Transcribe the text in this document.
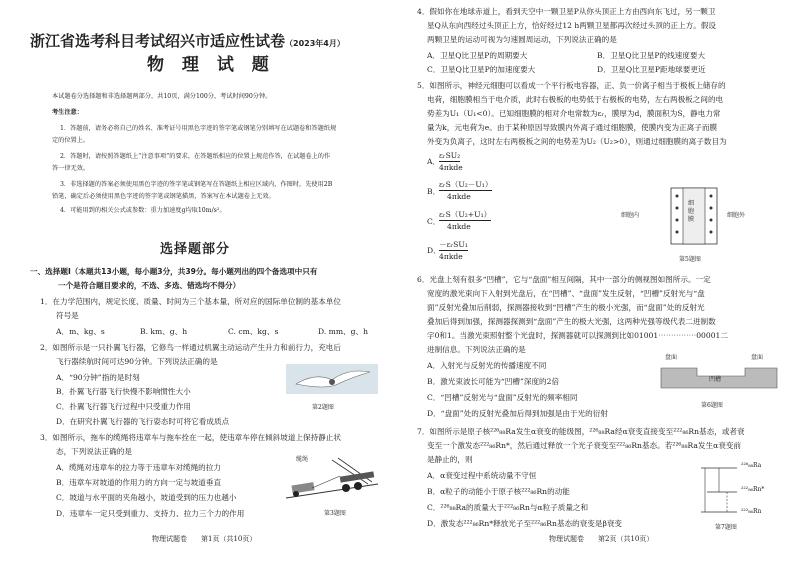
浙江省选考科目考试绍兴市适应性试卷（2023年4月）
物 理 试 题
本试题卷分选择题和非选择题两部分，共10页，满分100分，考试时间90分钟。
考生注意：
1．答题前，请务必将自己的姓名、准考证号用黑色字迹的签字笔或钢笔分别填写在试题卷和答题纸规
定的位置上。
2．答题时，请按照答题纸上“注意事项”的要求，在答题纸相应的位置上规范作答，在试题卷上的作
答一律无效。
3．非选择题的答案必须使用黑色字迹的签字笔或钢笔写在答题纸上相应区域内，作图时，先使用2B
铅笔，确定后必须使用黑色字迹的签字笔或钢笔描黑，答案写在本试题卷上无效。
4．可能用到的相关公式或参数：重力加速度g均取10m/s²。
选择题部分
一、选择题Ⅰ（本题共13小题，每小题3分，共39分。每小题列出的四个备选项中只有
一个是符合题目要求的，不选、多选、错选均不得分）
1．在力学范围内，规定长度、质量、时间为三个基本量，所对应的国际单位制的基本单位
符号是
A．m、kg、s	B. km、g、h	C. cm、kg、s	D. mm、g、h
2．如图所示是一只扑翼飞行器，它修鸟一样通过机翼主动运动产生升力和前行力，充电后
飞行器续航时间可达90分钟。下列说法正确的是
A．“90分钟”指的是时刻
B．扑翼飞行器飞行快慢不影响惯性大小
C．扑翼飞行器飞行过程中只受重力作用
D．在研究扑翼飞行器的飞行姿态时可将它看成质点
第2题图
3．如图所示，拖车的缆绳将违章车与拖车拴在一起，使违章车停在倾斜坡道上保持静止状
态，下列说法正确的是
A．缆绳对违章车的拉力等于违章车对缆绳的拉力
B．违章车对坡道的作用力的方向一定与坡道垂直
C．坡道与水平面的夹角越小，坡道受到的压力也越小
D．违章车一定只受到重力、支持力、拉力三个力的作用
缆绳
第3题图
物理试题卷　　第1页（共10页）
4．假如你在地球赤道上，看到天空中一颗卫星P从你头顶正上方由西向东飞过，另一颗卫
星Q从东向西经过头顶正上方，恰好经过12 h两颗卫星都再次经过头顶的正上方。假设
两颗卫星的运动可视为匀速圆周运动，下列说法正确的是
A．卫星Q比卫星P的周期要大	B．卫星Q比卫星P的线速度要大
C．卫星Q比卫星P的加速度要大	D．卫星Q比卫星P距地球要更近
5．如图所示，神经元细胞可以看成一个平行板电容器，正、负一价离子相当于极板上储存的
电荷，细胞膜相当于电介质，此时右极板的电势低于右极板的电势，左右两极板之间的电
势差为U₁（U₁<0）。已知细胞膜的相对介电常数为εᵣ，膜厚为d，膜面积为S，静电力常
量为k，元电荷为e。由于某种原因导致膜内外离子通过细胞膜，使膜内变为正离子而膜
外变为负离子，这时左右两极板之间的电势差为U₂（U₂>0），则通过细胞膜的离子数目为
A．
εᵣSU₂
4πkde
B．
εᵣS（U₂－U₁）
4πkde
C．
εᵣS（U₂+U₁）
4πkde
D．
－εᵣSU₁
4πkde
细胞内
细胞膜
细胞外
第5题图
6．光盘上刻有很多“凹槽”，它与“盘面”相互间隔，其中一部分的侧视图如图所示。一定
宽度的激光束向下入射到光盘后，在“凹槽”、“盘面”发生反射，“凹槽”反射光与“盘
面”反射光叠加后削弱，探测器接收到“凹槽”产生的极小光强，而“盘面”处的反射光
叠加后得到加强，探测器探测到“盘面”产生的极大光强，这两种光强等级代表二进制数
字0和1。当激光束照射整个光盘时，探测器就可以探测到比如01001⋯⋯⋯⋯⋯00001二
进制信息。下列说法正确的是
A．入射光与反射光的传播速度不同
B．激光束波长可能为“凹槽”深度的2倍
C．“凹槽”反射光与“盘面”反射光的频率相同
D．“盘面”处的反射光叠加后得到加强是由于光的衍射
盘面	盘面
凹槽
第6题图
7．如图所示是原子核²²⁶₈₈Ra发生α衰变的能级图，²²⁶₈₈Ra经α衰变直接变至²²²₈₆Rn基态，或者衰
变至一个激发态²²²₈₆Rn*，然后通过释放一个光子衰变至²²²₈₆Rn基态。若²²⁶₈₈Ra发生α衰变前
是静止的，则
A．α衰变过程中系统动量不守恒
B．α粒子的动能小于原子核²²²₈₆Rn的动能
C．²²⁶₈₈Ra的质量大于²²²₈₆Rn与α粒子质量之和
D．激发态²²²₈₆Rn*释放光子至²²²₈₆Rn基态的衰变是β衰变
²²⁶₈₈Ra
²²²₈₆Rn*
²²²₈₆Rn
第7题图
物理试题卷　　第2页（共10页）
